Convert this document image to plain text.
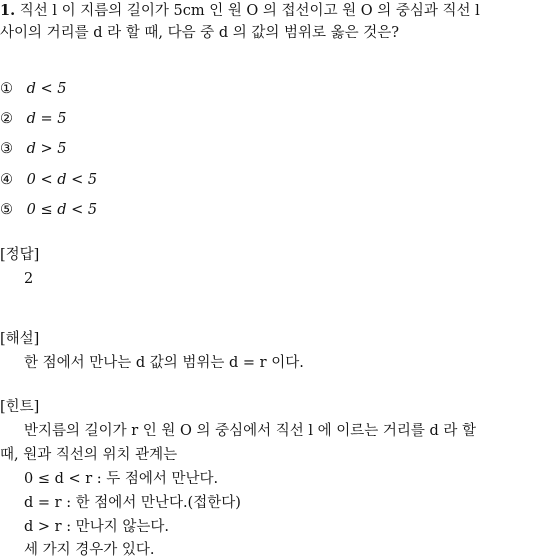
1. 직선 l 이 지름의 길이가 5cm 인 원 O 의 접선이고 원 O 의 중심과 직선 l
사이의 거리를 d 라 할 때, 다음 중 d 의 값의 범위로 옳은 것은?
① d < 5
② d = 5
③ d > 5
④ 0 < d < 5
⑤ 0 ≤ d < 5
[정답]
2
[해설]
한 점에서 만나는 d 값의 범위는 d = r 이다.
[힌트]
반지름의 길이가 r 인 원 O 의 중심에서 직선 l 에 이르는 거리를 d 라 할
때, 원과 직선의 위치 관계는
0 ≤ d < r : 두 점에서 만난다.
d = r : 한 점에서 만난다.(접한다)
d > r : 만나지 않는다.
세 가지 경우가 있다.
